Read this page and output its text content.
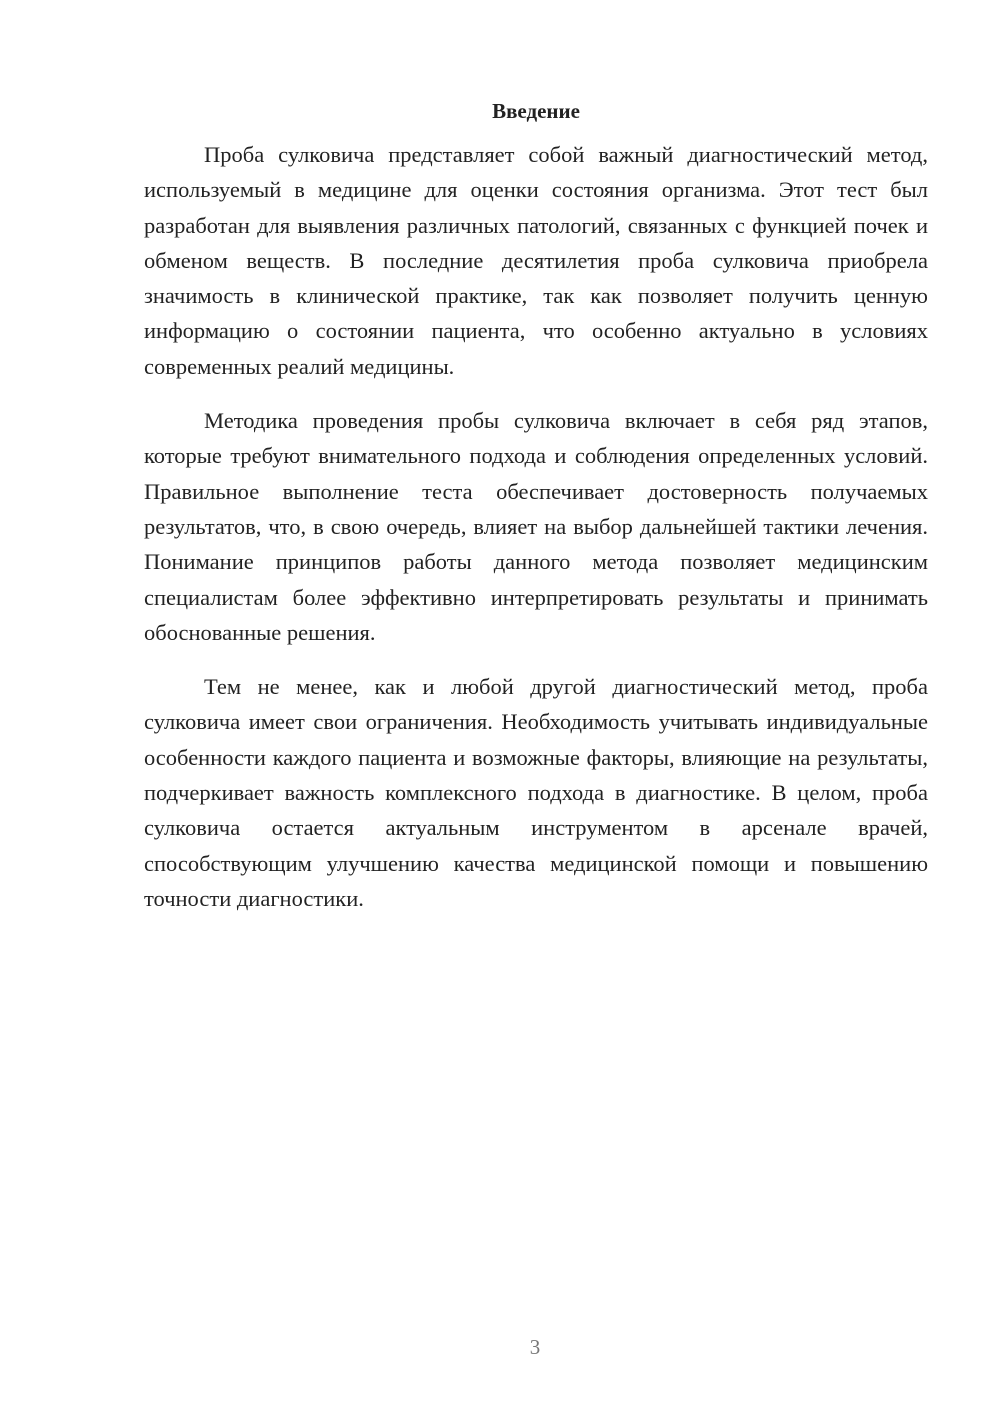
Введение

Проба сулковича представляет собой важный диагностический метод, используемый в медицине для оценки состояния организма. Этот тест был разработан для выявления различных патологий, связанных с функцией почек и обменом веществ. В последние десятилетия проба сулковича приобрела значимость в клинической практике, так как позволяет получить ценную информацию о состоянии пациента, что особенно актуально в условиях современных реалий медицины.

Методика проведения пробы сулковича включает в себя ряд этапов, которые требуют внимательного подхода и соблюдения определенных условий. Правильное выполнение теста обеспечивает достоверность получаемых результатов, что, в свою очередь, влияет на выбор дальнейшей тактики лечения. Понимание принципов работы данного метода позволяет медицинским специалистам более эффективно интерпретировать результаты и принимать обоснованные решения.

Тем не менее, как и любой другой диагностический метод, проба сулковича имеет свои ограничения. Необходимость учитывать индивидуальные особенности каждого пациента и возможные факторы, влияющие на результаты, подчеркивает важность комплексного подхода в диагностике. В целом, проба сулковича остается актуальным инструментом в арсенале врачей, способствующим улучшению качества медицинской помощи и повышению точности диагностики.

3
